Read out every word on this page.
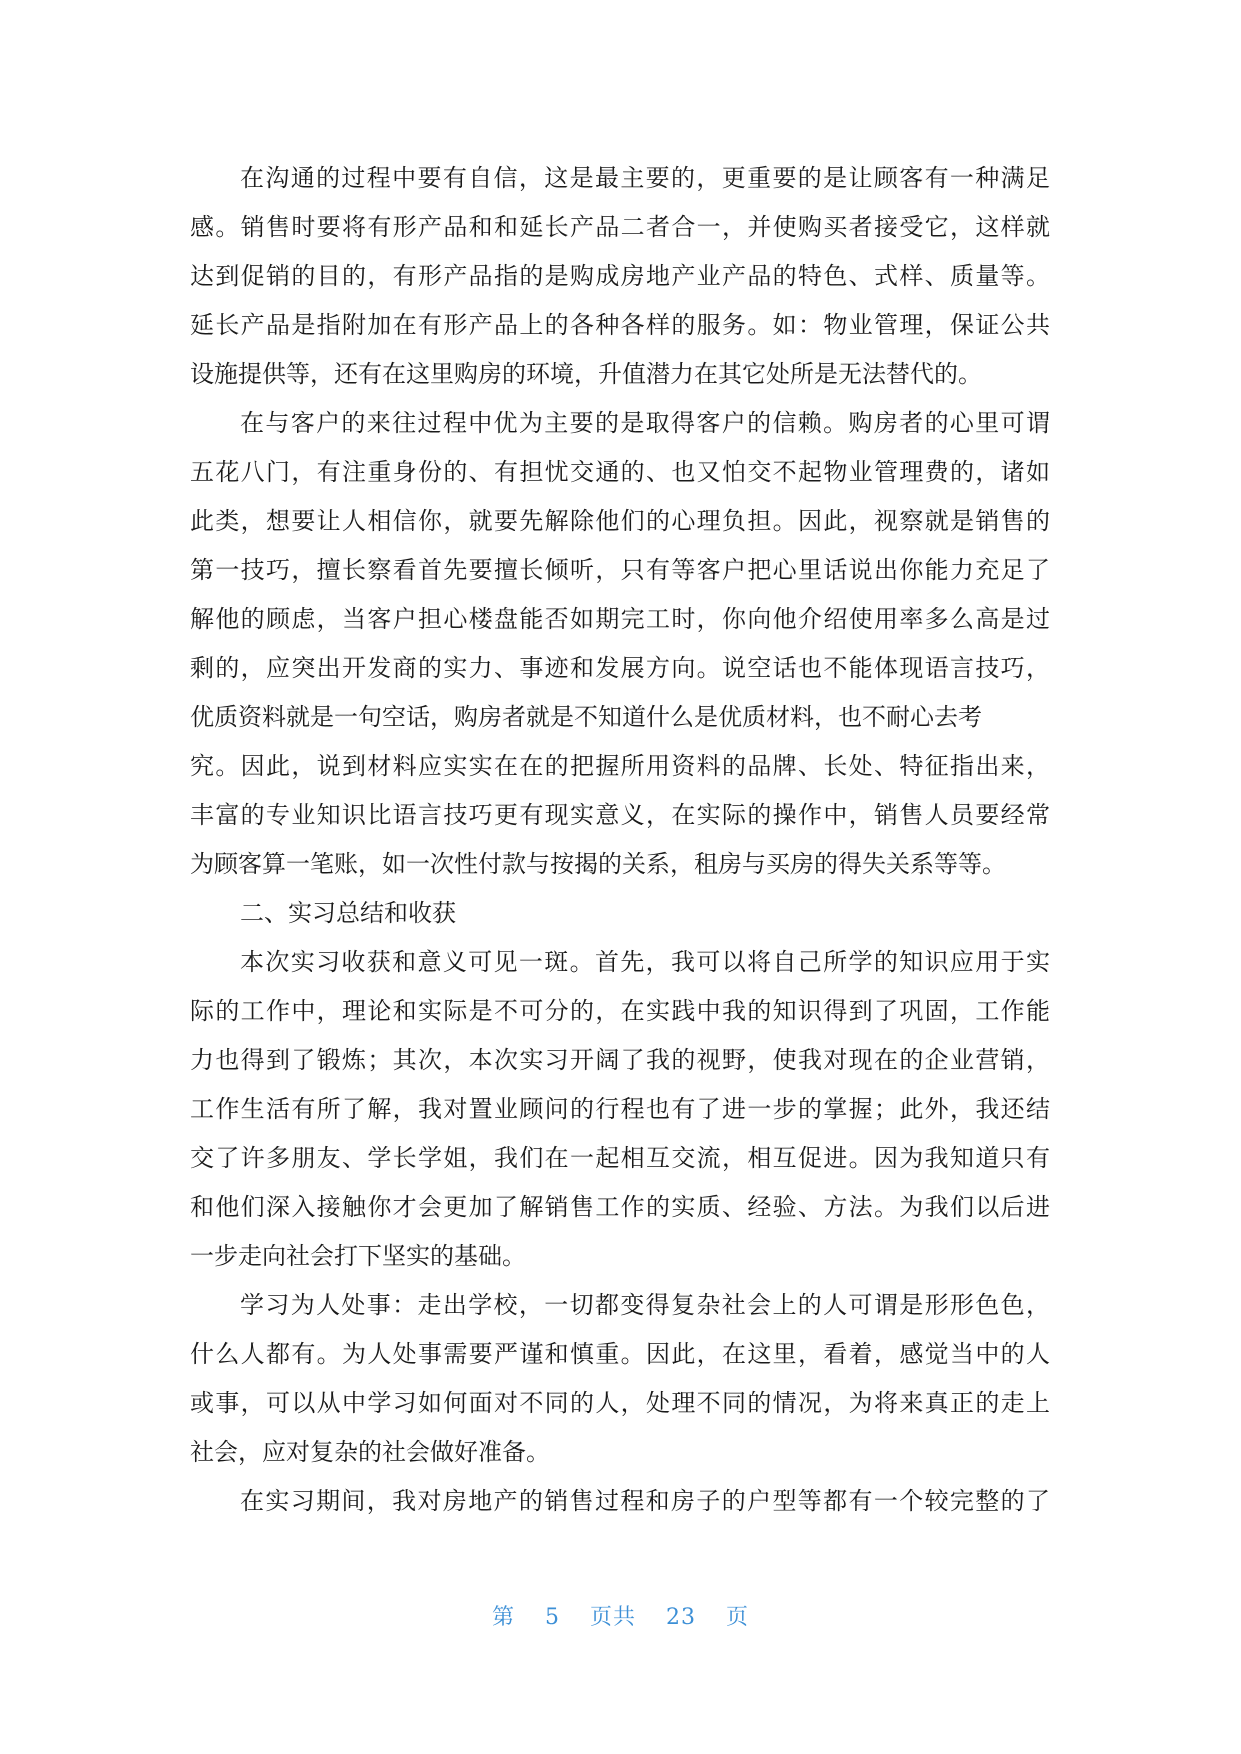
在沟通的过程中要有自信，这是最主要的，更重要的是让顾客有一种满足
感。销售时要将有形产品和和延长产品二者合一，并使购买者接受它，这样就
达到促销的目的，有形产品指的是购成房地产业产品的特色、式样、质量等。
延长产品是指附加在有形产品上的各种各样的服务。如：物业管理，保证公共
设施提供等，还有在这里购房的环境，升值潜力在其它处所是无法替代的。
在与客户的来往过程中优为主要的是取得客户的信赖。购房者的心里可谓
五花八门，有注重身份的、有担忧交通的、也又怕交不起物业管理费的，诸如
此类，想要让人相信你，就要先解除他们的心理负担。因此，视察就是销售的
第一技巧，擅长察看首先要擅长倾听，只有等客户把心里话说出你能力充足了
解他的顾虑，当客户担心楼盘能否如期完工时，你向他介绍使用率多么高是过
剩的，应突出开发商的实力、事迹和发展方向。说空话也不能体现语言技巧，
优质资料就是一句空话，购房者就是不知道什么是优质材料，也不耐心去考
究。因此，说到材料应实实在在的把握所用资料的品牌、长处、特征指出来，
丰富的专业知识比语言技巧更有现实意义，在实际的操作中，销售人员要经常
为顾客算一笔账，如一次性付款与按揭的关系，租房与买房的得失关系等等。
二、实习总结和收获
本次实习收获和意义可见一斑。首先，我可以将自己所学的知识应用于实
际的工作中，理论和实际是不可分的，在实践中我的知识得到了巩固，工作能
力也得到了锻炼；其次，本次实习开阔了我的视野，使我对现在的企业营销，
工作生活有所了解，我对置业顾问的行程也有了进一步的掌握；此外，我还结
交了许多朋友、学长学姐，我们在一起相互交流，相互促进。因为我知道只有
和他们深入接触你才会更加了解销售工作的实质、经验、方法。为我们以后进
一步走向社会打下坚实的基础。
学习为人处事：走出学校，一切都变得复杂社会上的人可谓是形形色色，
什么人都有。为人处事需要严谨和慎重。因此，在这里，看着，感觉当中的人
或事，可以从中学习如何面对不同的人，处理不同的情况，为将来真正的走上
社会，应对复杂的社会做好准备。
在实习期间，我对房地产的销售过程和房子的户型等都有一个较完整的了
第 5 页共 23 页
